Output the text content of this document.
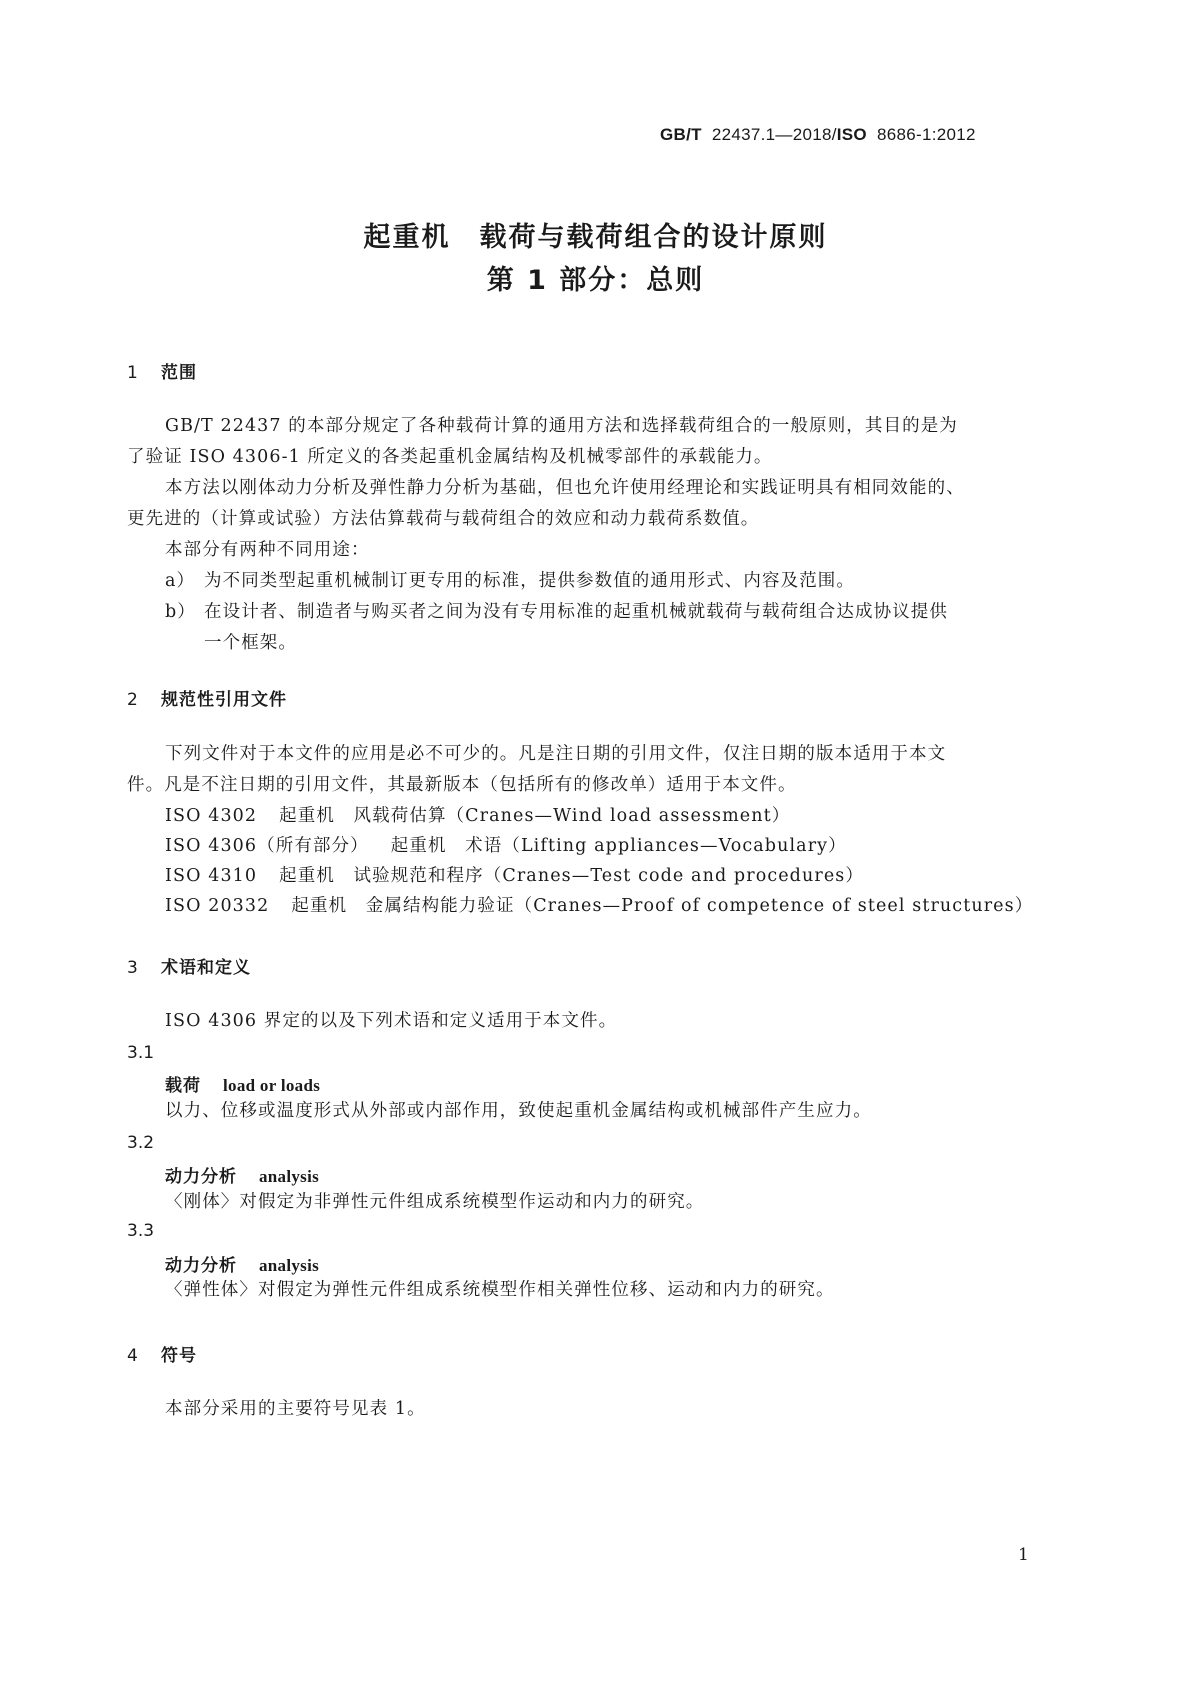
GB/T 22437.1—2018/ISO 8686-1:2012
起重机　载荷与载荷组合的设计原则
第 1 部分：总则
1 范围
GB/T 22437 的本部分规定了各种载荷计算的通用方法和选择载荷组合的一般原则，其目的是为
了验证 ISO 4306-1 所定义的各类起重机金属结构及机械零部件的承载能力。
本方法以刚体动力分析及弹性静力分析为基础，但也允许使用经理论和实践证明具有相同效能的、
更先进的（计算或试验）方法估算载荷与载荷组合的效应和动力载荷系数值。
本部分有两种不同用途：
a） 为不同类型起重机械制订更专用的标准，提供参数值的通用形式、内容及范围。
b） 在设计者、制造者与购买者之间为没有专用标准的起重机械就载荷与载荷组合达成协议提供
一个框架。
2 规范性引用文件
下列文件对于本文件的应用是必不可少的。凡是注日期的引用文件，仅注日期的版本适用于本文
件。凡是不注日期的引用文件，其最新版本（包括所有的修改单）适用于本文件。
ISO 4302 起重机　风载荷估算（Cranes—Wind load assessment）
ISO 4306（所有部分） 起重机　术语（Lifting appliances—Vocabulary）
ISO 4310 起重机　试验规范和程序（Cranes—Test code and procedures）
ISO 20332 起重机　金属结构能力验证（Cranes—Proof of competence of steel structures）
3 术语和定义
ISO 4306 界定的以及下列术语和定义适用于本文件。
3.1
载荷 load or loads
以力、位移或温度形式从外部或内部作用，致使起重机金属结构或机械部件产生应力。
3.2
动力分析 analysis
〈刚体〉对假定为非弹性元件组成系统模型作运动和内力的研究。
3.3
动力分析 analysis
〈弹性体〉对假定为弹性元件组成系统模型作相关弹性位移、运动和内力的研究。
4 符号
本部分采用的主要符号见表 1。
1
